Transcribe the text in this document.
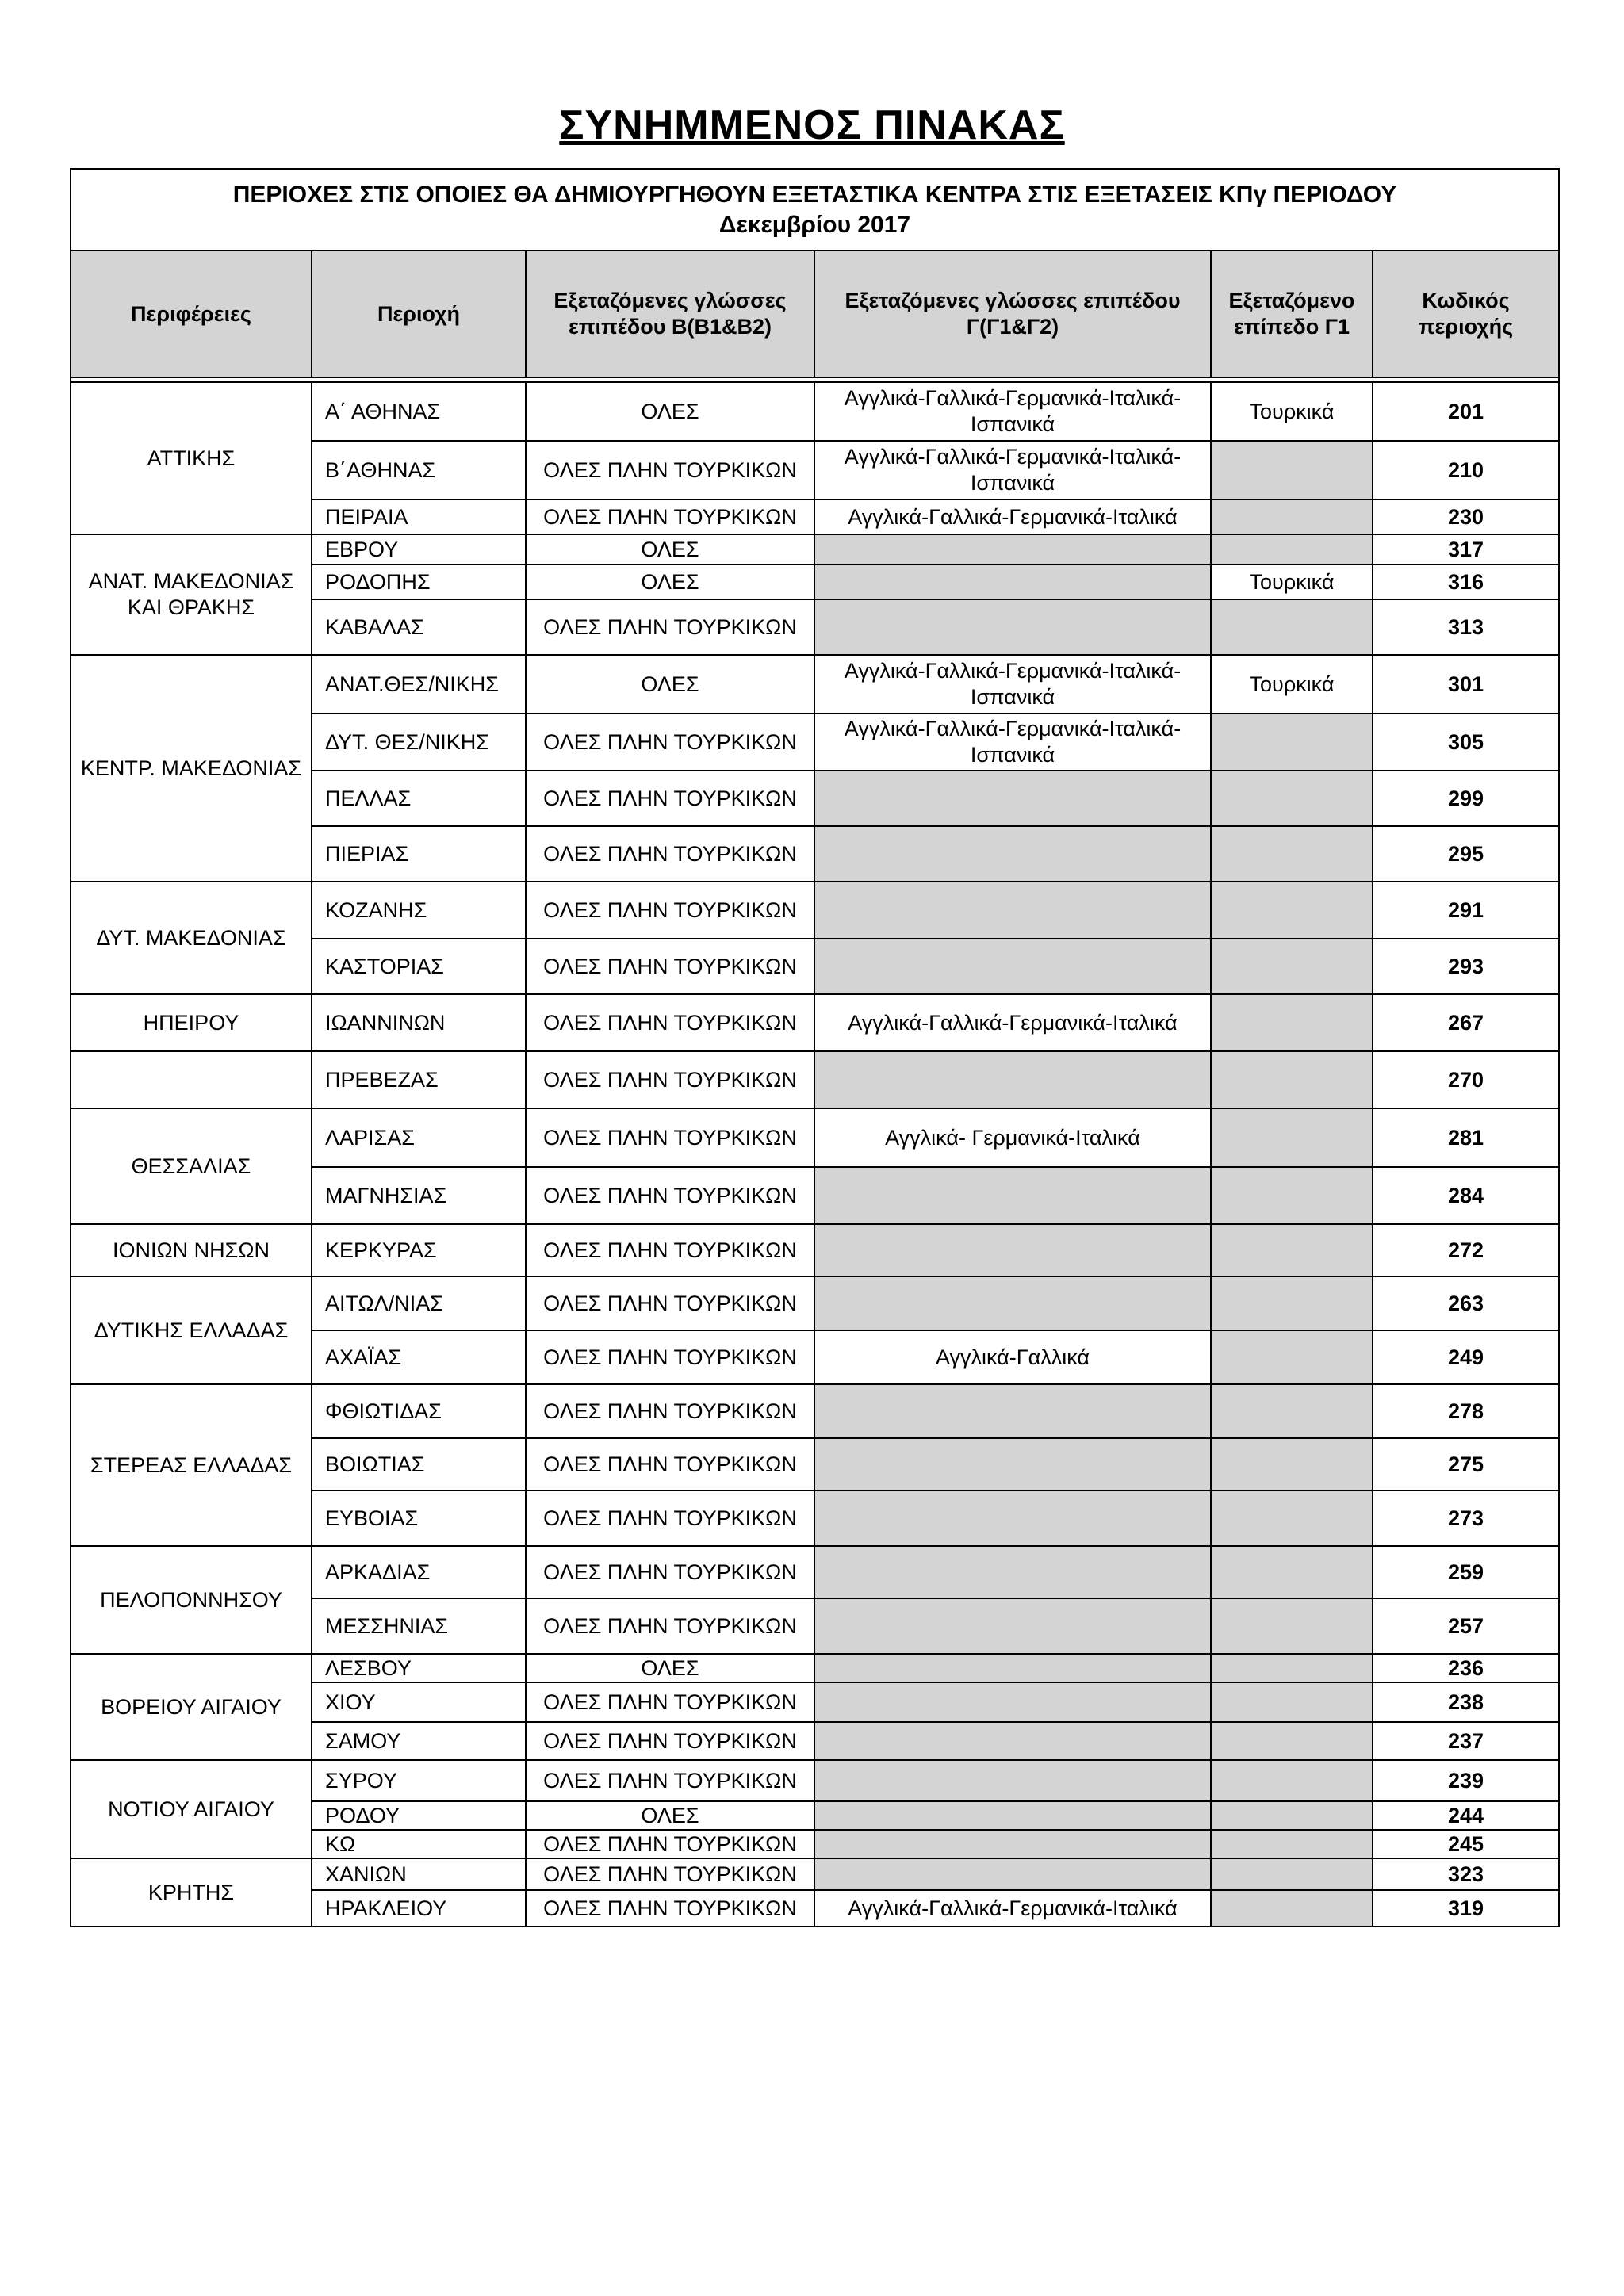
ΣΥΝΗΜΜΕΝΟΣ ΠΙΝΑΚΑΣ
ΠΕΡΙΟΧΕΣ ΣΤΙΣ ΟΠΟΙΕΣ ΘΑ ΔΗΜΙΟΥΡΓΗΘΟΥΝ ΕΞΕΤΑΣΤΙΚΑ ΚΕΝΤΡΑ ΣΤΙΣ ΕΞΕΤΑΣΕΙΣ ΚΠγ ΠΕΡΙΟΔΟΥ
Δεκεμβρίου 2017					

Περιφέρειες	Περιοχή	Εξεταζόμενες γλώσσες επιπέδου Β(Β1&Β2)	Εξεταζόμενες γλώσσες επιπέδου Γ(Γ1&Γ2)	Εξεταζόμενο επίπεδο Γ1	Κωδικός περιοχής

ΑΤΤΙΚΗΣ	Α΄ ΑΘΗΝΑΣ	ΟΛΕΣ	Αγγλικά-Γαλλικά-Γερμανικά-Ιταλικά-Ισπανικά	Τουρκικά	201
	Β΄ΑΘΗΝΑΣ	ΟΛΕΣ ΠΛΗΝ ΤΟΥΡΚΙΚΩΝ	Αγγλικά-Γαλλικά-Γερμανικά-Ιταλικά-Ισπανικά		210
	ΠΕΙΡΑΙΑ	ΟΛΕΣ ΠΛΗΝ ΤΟΥΡΚΙΚΩΝ	Αγγλικά-Γαλλικά-Γερμανικά-Ιταλικά		230
ΑΝΑΤ. ΜΑΚΕΔΟΝΙΑΣ ΚΑΙ ΘΡΑΚΗΣ	ΕΒΡΟΥ	ΟΛΕΣ			317
	ΡΟΔΟΠΗΣ	ΟΛΕΣ		Τουρκικά	316
	ΚΑΒΑΛΑΣ	ΟΛΕΣ ΠΛΗΝ ΤΟΥΡΚΙΚΩΝ			313
ΚΕΝΤΡ. ΜΑΚΕΔΟΝΙΑΣ	ΑΝΑΤ.ΘΕΣ/ΝΙΚΗΣ	ΟΛΕΣ	Αγγλικά-Γαλλικά-Γερμανικά-Ιταλικά-Ισπανικά	Τουρκικά	301
	ΔΥΤ. ΘΕΣ/ΝΙΚΗΣ	ΟΛΕΣ ΠΛΗΝ ΤΟΥΡΚΙΚΩΝ	Αγγλικά-Γαλλικά-Γερμανικά-Ιταλικά-Ισπανικά		305
	ΠΕΛΛΑΣ	ΟΛΕΣ ΠΛΗΝ ΤΟΥΡΚΙΚΩΝ			299
	ΠΙΕΡΙΑΣ	ΟΛΕΣ ΠΛΗΝ ΤΟΥΡΚΙΚΩΝ			295
ΔΥΤ. ΜΑΚΕΔΟΝΙΑΣ	ΚΟΖΑΝΗΣ	ΟΛΕΣ ΠΛΗΝ ΤΟΥΡΚΙΚΩΝ			291
	ΚΑΣΤΟΡΙΑΣ	ΟΛΕΣ ΠΛΗΝ ΤΟΥΡΚΙΚΩΝ			293
ΗΠΕΙΡΟΥ	ΙΩΑΝΝΙΝΩΝ	ΟΛΕΣ ΠΛΗΝ ΤΟΥΡΚΙΚΩΝ	Αγγλικά-Γαλλικά-Γερμανικά-Ιταλικά		267
	ΠΡΕΒΕΖΑΣ	ΟΛΕΣ ΠΛΗΝ ΤΟΥΡΚΙΚΩΝ			270
ΘΕΣΣΑΛΙΑΣ	ΛΑΡΙΣΑΣ	ΟΛΕΣ ΠΛΗΝ ΤΟΥΡΚΙΚΩΝ	Αγγλικά- Γερμανικά-Ιταλικά		281
	ΜΑΓΝΗΣΙΑΣ	ΟΛΕΣ ΠΛΗΝ ΤΟΥΡΚΙΚΩΝ			284
ΙΟΝΙΩΝ ΝΗΣΩΝ	ΚΕΡΚΥΡΑΣ	ΟΛΕΣ ΠΛΗΝ ΤΟΥΡΚΙΚΩΝ			272
ΔΥΤΙΚΗΣ ΕΛΛΑΔΑΣ	ΑΙΤΩΛ/ΝΙΑΣ	ΟΛΕΣ ΠΛΗΝ ΤΟΥΡΚΙΚΩΝ			263
	ΑΧΑΪΑΣ	ΟΛΕΣ ΠΛΗΝ ΤΟΥΡΚΙΚΩΝ	Αγγλικά-Γαλλικά		249
ΣΤΕΡΕΑΣ ΕΛΛΑΔΑΣ	ΦΘΙΩΤΙΔΑΣ	ΟΛΕΣ ΠΛΗΝ ΤΟΥΡΚΙΚΩΝ			278
	ΒΟΙΩΤΙΑΣ	ΟΛΕΣ ΠΛΗΝ ΤΟΥΡΚΙΚΩΝ			275
	ΕΥΒΟΙΑΣ	ΟΛΕΣ ΠΛΗΝ ΤΟΥΡΚΙΚΩΝ			273
ΠΕΛΟΠΟΝΝΗΣΟΥ	ΑΡΚΑΔΙΑΣ	ΟΛΕΣ ΠΛΗΝ ΤΟΥΡΚΙΚΩΝ			259
	ΜΕΣΣΗΝΙΑΣ	ΟΛΕΣ ΠΛΗΝ ΤΟΥΡΚΙΚΩΝ			257
ΒΟΡΕΙΟΥ ΑΙΓΑΙΟΥ	ΛΕΣΒΟΥ	ΟΛΕΣ			236
	ΧΙΟΥ	ΟΛΕΣ ΠΛΗΝ ΤΟΥΡΚΙΚΩΝ			238
	ΣΑΜΟΥ	ΟΛΕΣ ΠΛΗΝ ΤΟΥΡΚΙΚΩΝ			237
ΝΟΤΙΟΥ ΑΙΓΑΙΟΥ	ΣΥΡΟΥ	ΟΛΕΣ ΠΛΗΝ ΤΟΥΡΚΙΚΩΝ			239
	ΡΟΔΟΥ	ΟΛΕΣ			244
	ΚΩ	ΟΛΕΣ ΠΛΗΝ ΤΟΥΡΚΙΚΩΝ			245
ΚΡΗΤΗΣ	ΧΑΝΙΩΝ	ΟΛΕΣ ΠΛΗΝ ΤΟΥΡΚΙΚΩΝ			323
	ΗΡΑΚΛΕΙΟΥ	ΟΛΕΣ ΠΛΗΝ ΤΟΥΡΚΙΚΩΝ	Αγγλικά-Γαλλικά-Γερμανικά-Ιταλικά		319
